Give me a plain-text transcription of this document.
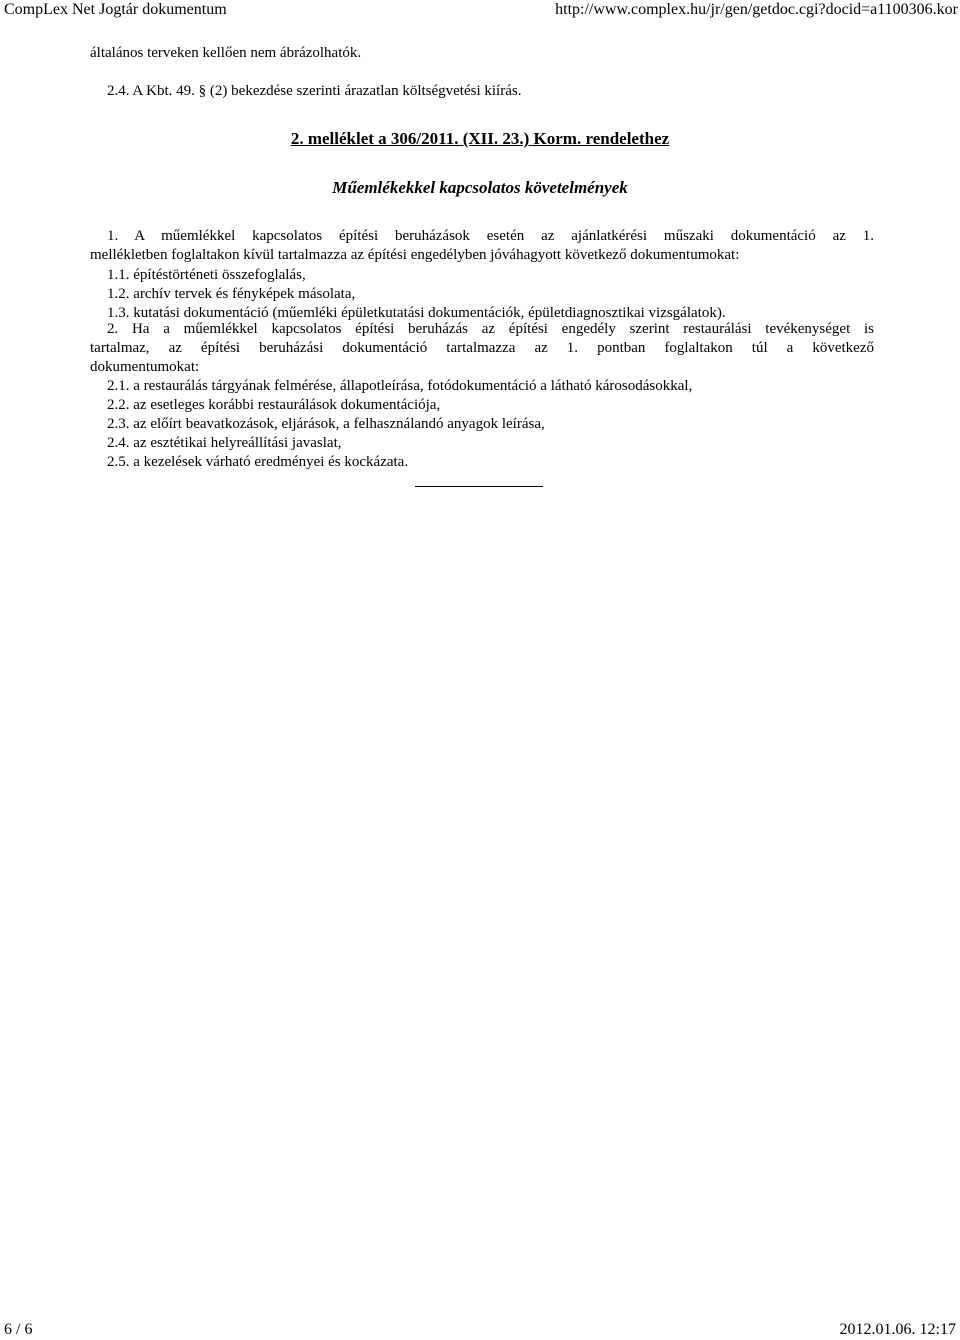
CompLex Net Jogtár dokumentum	http://www.complex.hu/jr/gen/getdoc.cgi?docid=a1100306.kor
általános terveken kellően nem ábrázolhatók.
2.4. A Kbt. 49. § (2) bekezdése szerinti árazatlan költségvetési kiírás.
2. melléklet a 306/2011. (XII. 23.) Korm. rendelethez
Műemlékekkel kapcsolatos követelmények
1. A műemlékkel kapcsolatos építési beruházások esetén az ajánlatkérési műszaki dokumentáció az 1.
mellékletben foglaltakon kívül tartalmazza az építési engedélyben jóváhagyott következő dokumentumokat:
1.1. építéstörténeti összefoglalás,
1.2. archív tervek és fényképek másolata,
1.3. kutatási dokumentáció (műemléki épületkutatási dokumentációk, épületdiagnosztikai vizsgálatok).
2. Ha a műemlékkel kapcsolatos építési beruházás az építési engedély szerint restaurálási tevékenységet is
tartalmaz, az építési beruházási dokumentáció tartalmazza az 1. pontban foglaltakon túl a következő
dokumentumokat:
2.1. a restaurálás tárgyának felmérése, állapotleírása, fotódokumentáció a látható károsodásokkal,
2.2. az esetleges korábbi restaurálások dokumentációja,
2.3. az előírt beavatkozások, eljárások, a felhasználandó anyagok leírása,
2.4. az esztétikai helyreállítási javaslat,
2.5. a kezelések várható eredményei és kockázata.
6 / 6	2012.01.06. 12:17
